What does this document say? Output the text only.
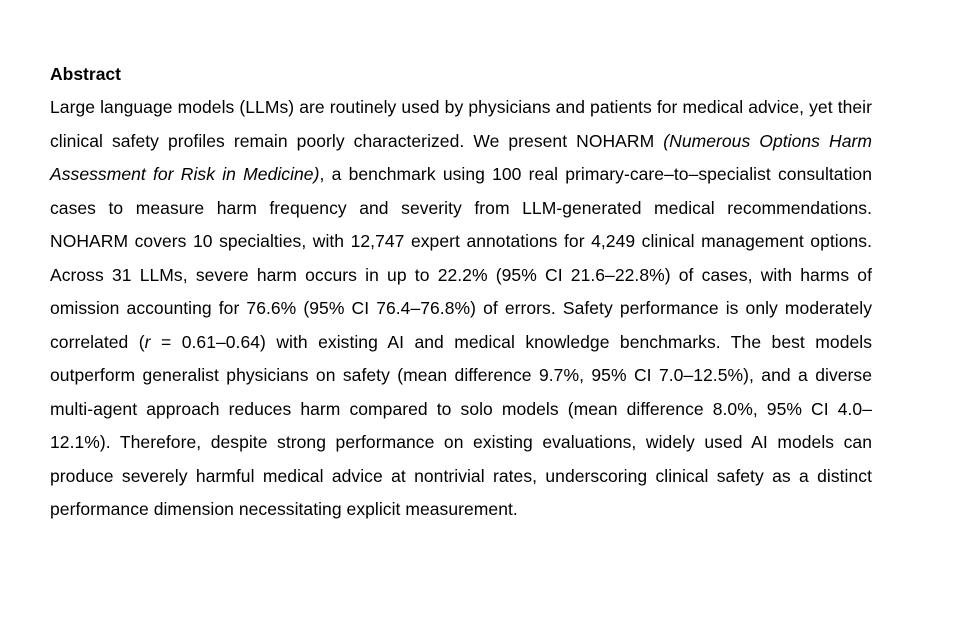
Abstract

Large language models (LLMs) are routinely used by physicians and patients for medical advice, yet their clinical safety profiles remain poorly characterized. We present NOHARM (Numerous Options Harm Assessment for Risk in Medicine), a benchmark using 100 real primary-care–to–specialist consultation cases to measure harm frequency and severity from LLM-generated medical recommendations. NOHARM covers 10 specialties, with 12,747 expert annotations for 4,249 clinical management options. Across 31 LLMs, severe harm occurs in up to 22.2% (95% CI 21.6–22.8%) of cases, with harms of omission accounting for 76.6% (95% CI 76.4–76.8%) of errors. Safety performance is only moderately correlated (r = 0.61–0.64) with existing AI and medical knowledge benchmarks. The best models outperform generalist physicians on safety (mean difference 9.7%, 95% CI 7.0–12.5%), and a diverse multi-agent approach reduces harm compared to solo models (mean difference 8.0%, 95% CI 4.0–12.1%). Therefore, despite strong performance on existing evaluations, widely used AI models can produce severely harmful medical advice at nontrivial rates, underscoring clinical safety as a distinct performance dimension necessitating explicit measurement.
